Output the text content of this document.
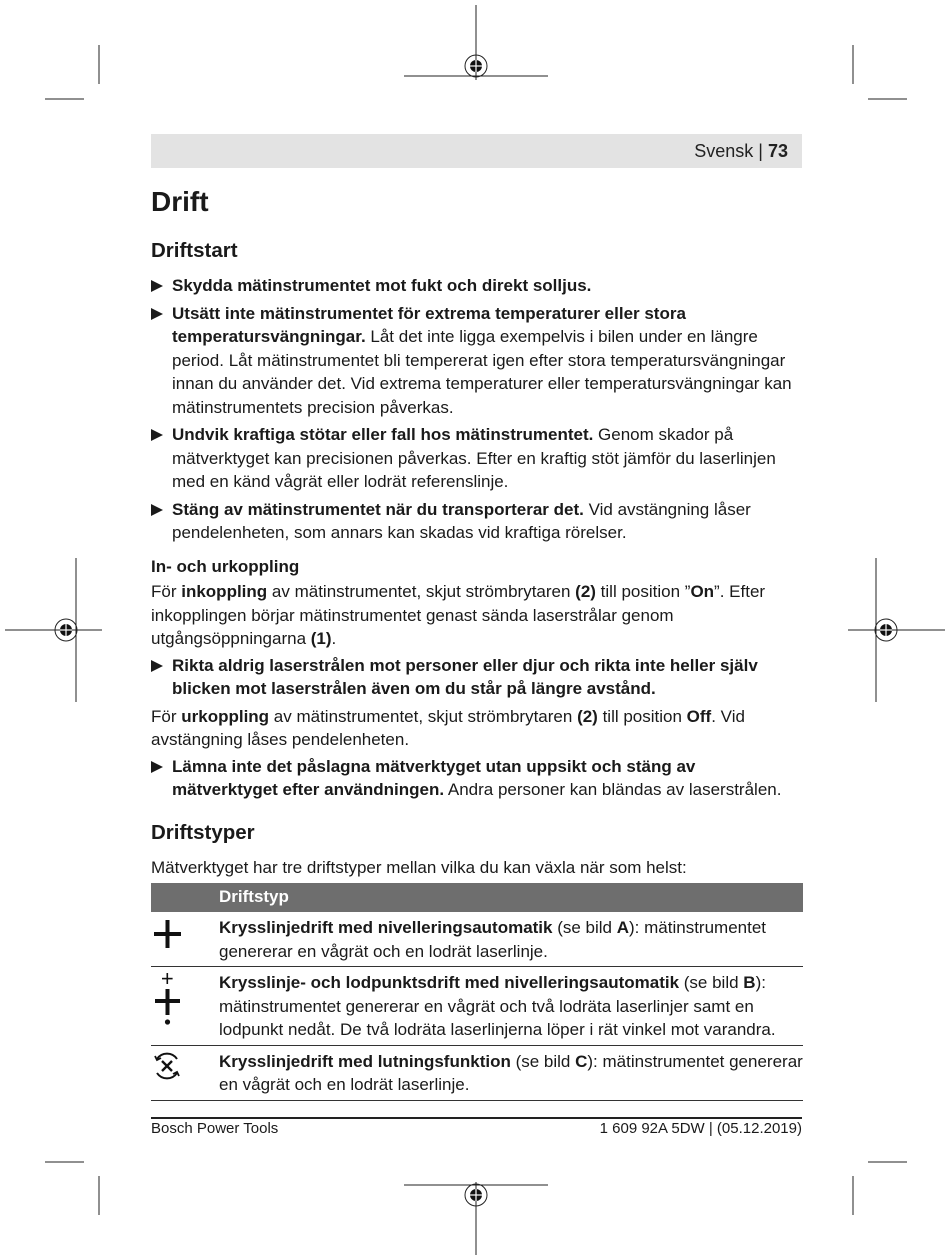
Svensk | 73
Drift
Driftstart
Skydda mätinstrumentet mot fukt och direkt solljus.
Utsätt inte mätinstrumentet för extrema temperaturer eller stora temperatursvängningar. Låt det inte ligga exempelvis i bilen under en längre period. Låt mätinstrumentet bli tempererat igen efter stora temperatursvängningar innan du använder det. Vid extrema temperaturer eller temperatursvängningar kan mätinstrumentets precision påverkas.
Undvik kraftiga stötar eller fall hos mätinstrumentet. Genom skador på mätverktyget kan precisionen påverkas. Efter en kraftig stöt jämför du laserlinjen med en känd vågrät eller lodrät referenslinje.
Stäng av mätinstrumentet när du transporterar det. Vid avstängning låser pendelenheten, som annars kan skadas vid kraftiga rörelser.
In- och urkoppling

För inkoppling av mätinstrumentet, skjut strömbrytaren (2) till position ”On”. Efter inkopplingen börjar mätinstrumentet genast sända laserstrålar genom utgångsöppningarna (1).

Rikta aldrig laserstrålen mot personer eller djur och rikta inte heller själv blicken mot laserstrålen även om du står på längre avstånd.

För urkoppling av mätinstrumentet, skjut strömbrytaren (2) till position Off. Vid avstängning låses pendelenheten.

Lämna inte det påslagna mätverktyget utan uppsikt och stäng av mätverktyget efter användningen. Andra personer kan bländas av laserstrålen.
Driftstyper

Mätverktyget har tre driftstyper mellan vilka du kan växla när som helst:

	Driftstyp
	Krysslinjedrift med nivelleringsautomatik (se bild A): mätinstrumentet genererar en vågrät och en lodrät laserlinje.
	Krysslinje- och lodpunktsdrift med nivelleringsautomatik (se bild B): mätinstrumentet genererar en vågrät och två lodräta laserlinjer samt en lodpunkt nedåt. De två lodräta laserlinjerna löper i rät vinkel mot varandra.
	Krysslinjedrift med lutningsfunktion (se bild C): mätinstrumentet genererar en vågrät och en lodrät laserlinje.
Bosch Power Tools	1 609 92A 5DW | (05.12.2019)
